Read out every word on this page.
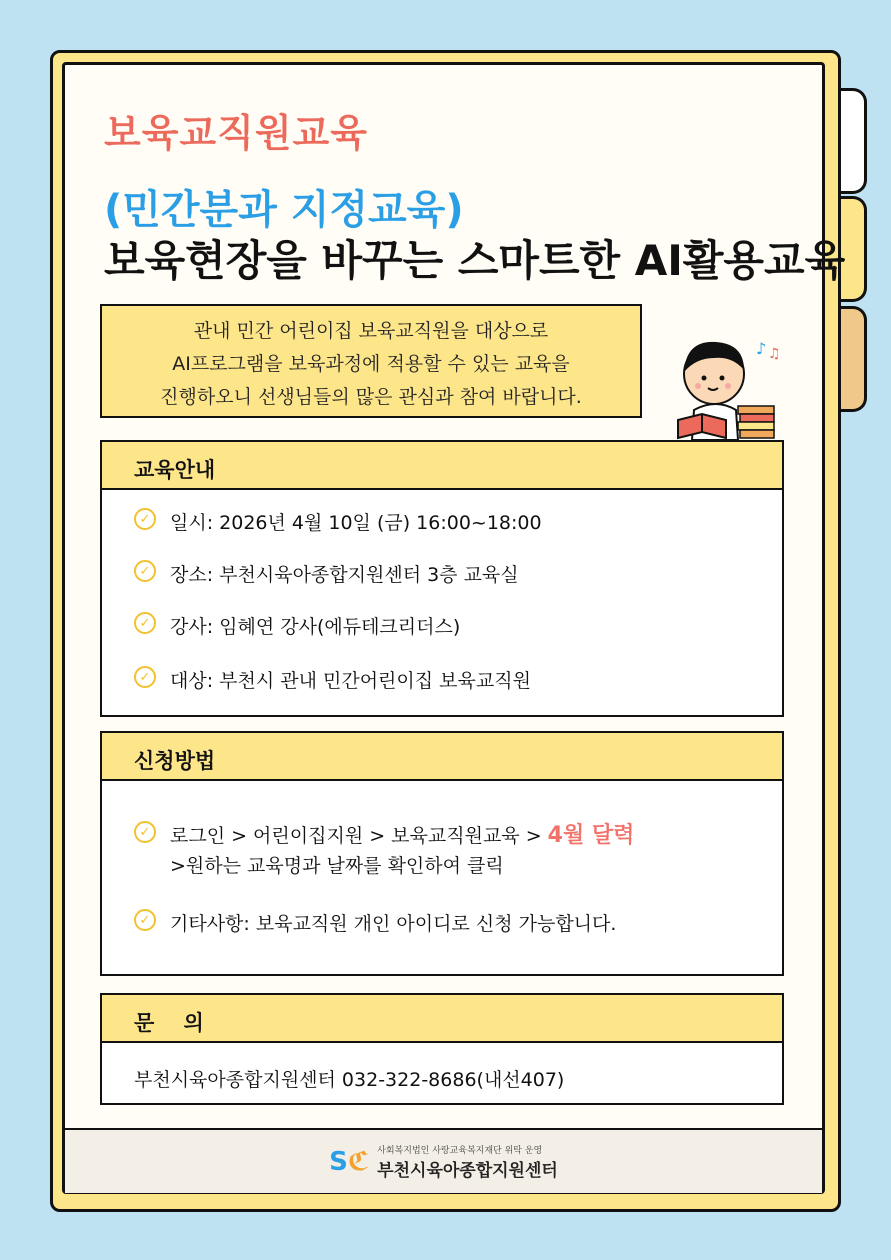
보육교직원교육
(민간분과 지정교육)
보육현장을 바꾸는 스마트한 AI활용교육
관내 민간 어린이집 보육교직원을 대상으로
AI프로그램을 보육과정에 적용할 수 있는 교육을
진행하오니 선생님들의 많은 관심과 참여 바랍니다.
♪ ♫
교육안내
✓ 일시: 2026년 4월 10일 (금) 16:00~18:00
✓ 장소: 부천시육아종합지원센터 3층 교육실
✓ 강사: 임혜연 강사(에듀테크리더스)
✓ 대상: 부천시 관내 민간어린이집 보육교직원
신청방법
✓ 로그인 > 어린이집지원 > 보육교직원교육 > 4월 달력
>원하는 교육명과 날짜를 확인하여 클릭
✓ 기타사항: 보육교직원 개인 아이디로 신청 가능합니다.
문    의
부천시육아종합지원센터 032-322-8686(내선407)
Sℭ 사회복지법인 사랑교육복지재단 위탁 운영
부천시육아종합지원센터
